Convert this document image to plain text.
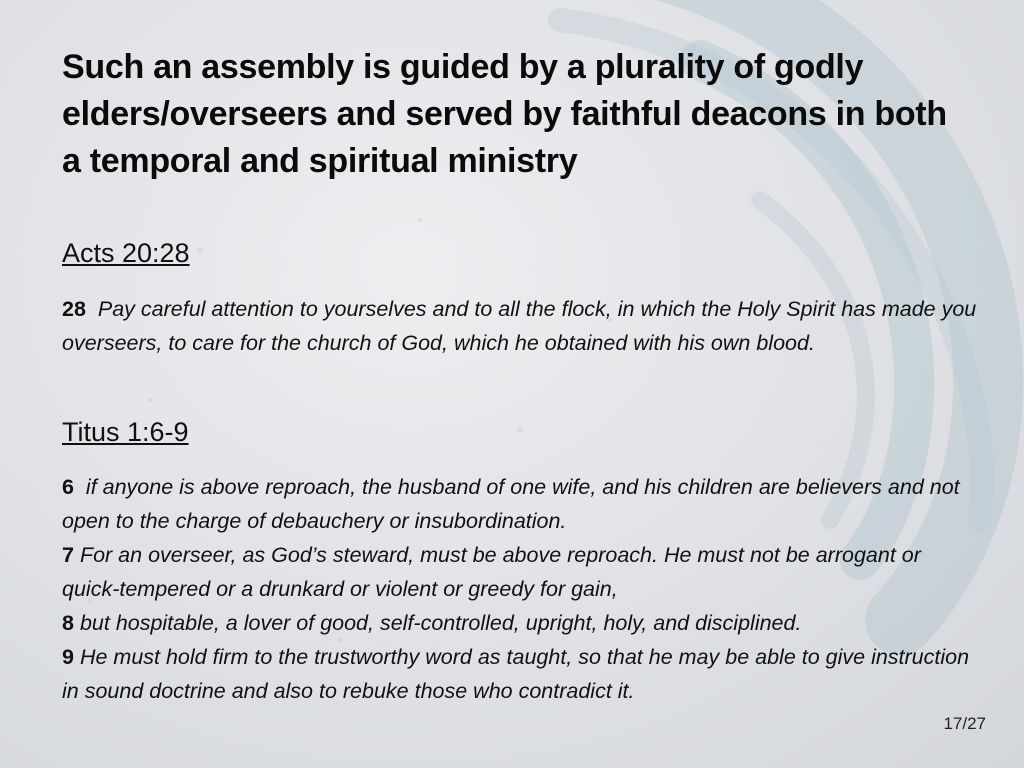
Such an assembly is guided by a plurality of godly elders/overseers and served by faithful deacons in both a temporal and spiritual ministry
Acts 20:28
28 Pay careful attention to yourselves and to all the flock, in which the Holy Spirit has made you overseers, to care for the church of God, which he obtained with his own blood.
Titus 1:6-9
6 if anyone is above reproach, the husband of one wife, and his children are believers and not open to the charge of debauchery or insubordination.
7 For an overseer, as God’s steward, must be above reproach. He must not be arrogant or quick-tempered or a drunkard or violent or greedy for gain,
8 but hospitable, a lover of good, self-controlled, upright, holy, and disciplined.
9 He must hold firm to the trustworthy word as taught, so that he may be able to give instruction in sound doctrine and also to rebuke those who contradict it.
17/27
